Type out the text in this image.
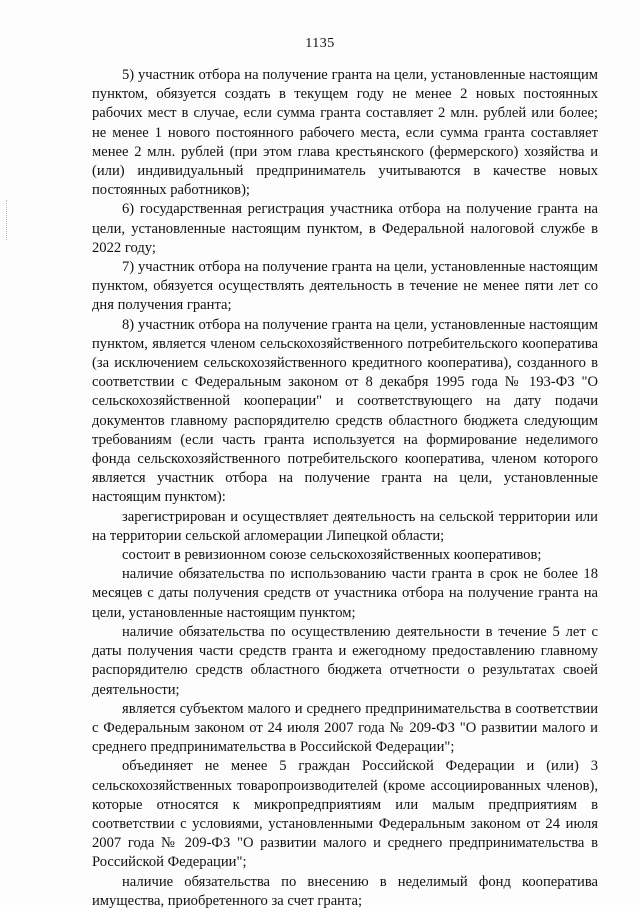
1135

5) участник отбора на получение гранта на цели, установленные настоящим пунктом, обязуется создать в текущем году не менее 2 новых постоянных рабочих мест в случае, если сумма гранта составляет 2 млн. рублей или более; не менее 1 нового постоянного рабочего места, если сумма гранта составляет менее 2 млн. рублей (при этом глава крестьянского (фермерского) хозяйства и (или) индивидуальный предприниматель учитываются в качестве новых постоянных работников);

6) государственная регистрация участника отбора на получение гранта на цели, установленные настоящим пунктом, в Федеральной налоговой службе в 2022 году;

7) участник отбора на получение гранта на цели, установленные настоящим пунктом, обязуется осуществлять деятельность в течение не менее пяти лет со дня получения гранта;

8) участник отбора на получение гранта на цели, установленные настоящим пунктом, является членом сельскохозяйственного потребительского кооператива (за исключением сельскохозяйственного кредитного кооператива), созданного в соответствии с Федеральным законом от 8 декабря 1995 года № 193-ФЗ "О сельскохозяйственной кооперации" и соответствующего на дату подачи документов главному распорядителю средств областного бюджета следующим требованиям (если часть гранта используется на формирование неделимого фонда сельскохозяйственного потребительского кооператива, членом которого является участник отбора на получение гранта на цели, установленные настоящим пунктом):

зарегистрирован и осуществляет деятельность на сельской территории или на территории сельской агломерации Липецкой области;

состоит в ревизионном союзе сельскохозяйственных кооперативов;

наличие обязательства по использованию части гранта в срок не более 18 месяцев с даты получения средств от участника отбора на получение гранта на цели, установленные настоящим пунктом;

наличие обязательства по осуществлению деятельности в течение 5 лет с даты получения части средств гранта и ежегодному предоставлению главному распорядителю средств областного бюджета отчетности о результатах своей деятельности;

является субъектом малого и среднего предпринимательства в соответствии с Федеральным законом от 24 июля 2007 года № 209-ФЗ "О развитии малого и среднего предпринимательства в Российской Федерации";

объединяет не менее 5 граждан Российской Федерации и (или) 3 сельскохозяйственных товаропроизводителей (кроме ассоциированных членов), которые относятся к микропредприятиям или малым предприятиям в соответствии с условиями, установленными Федеральным законом от 24 июля 2007 года № 209-ФЗ "О развитии малого и среднего предпринимательства в Российской Федерации";

наличие обязательства по внесению в неделимый фонд кооператива имущества, приобретенного за счет гранта;
